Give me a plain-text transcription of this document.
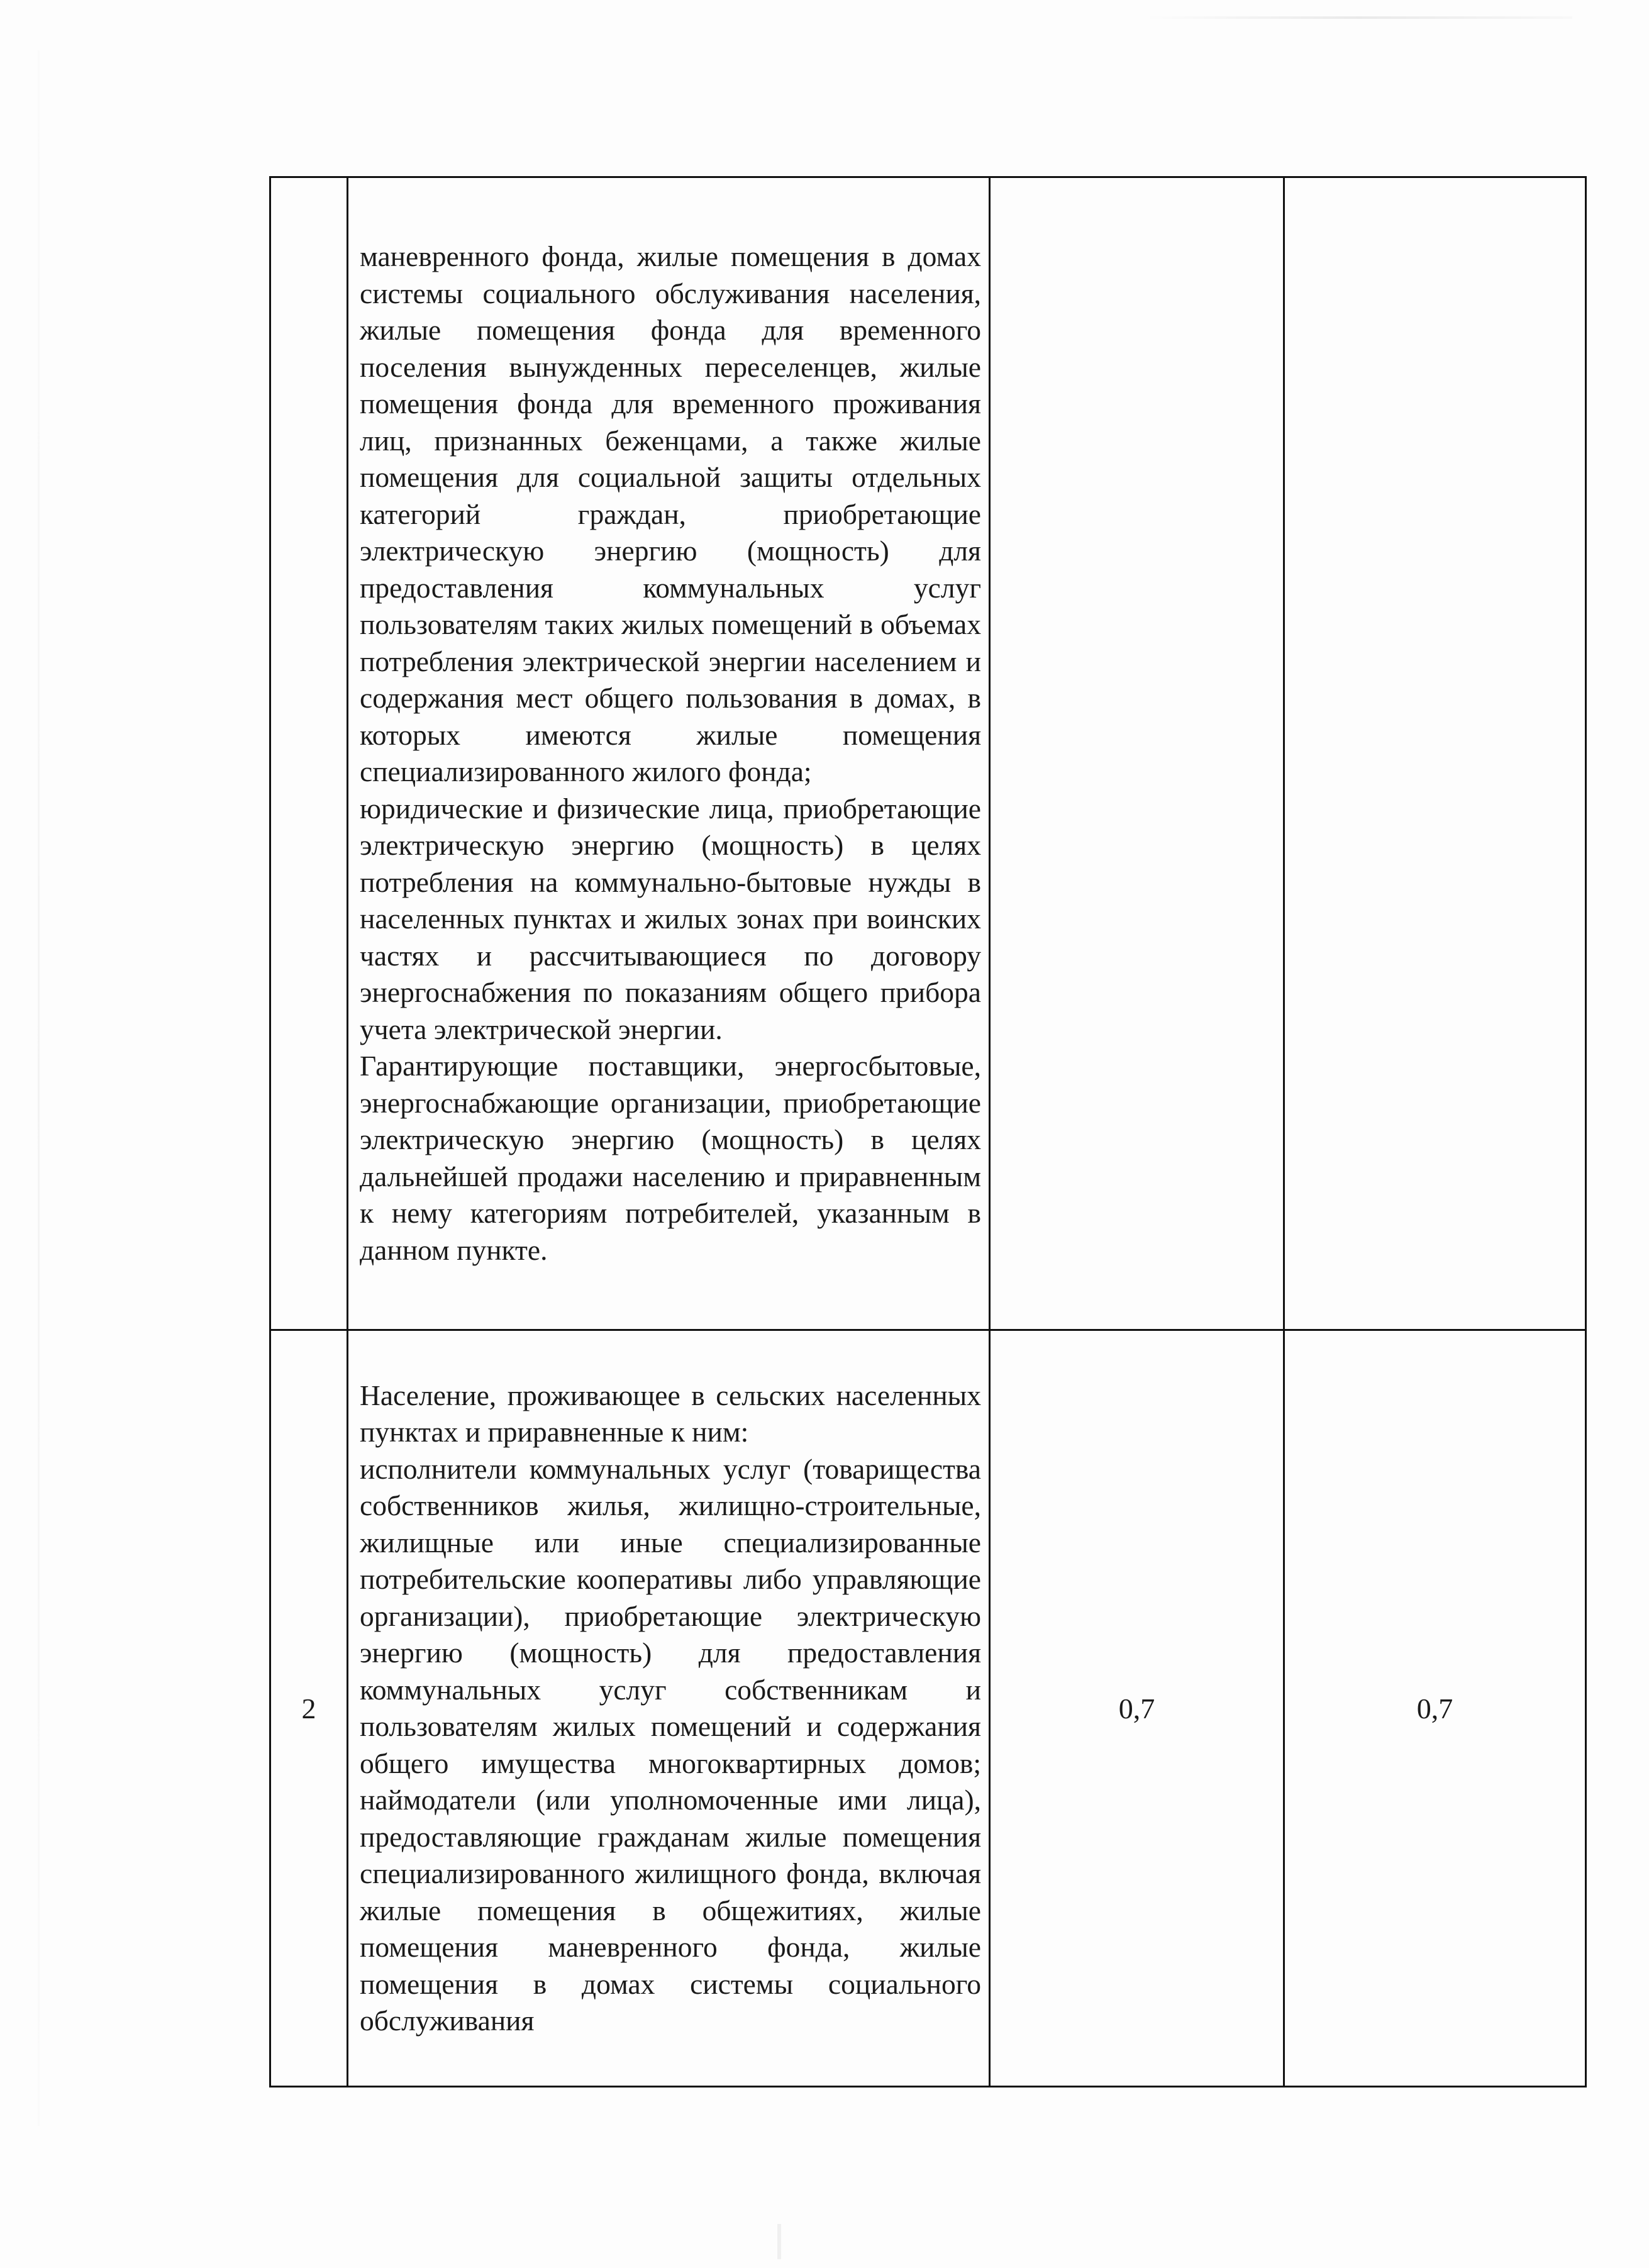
	маневренного фонда, жилые помещения в домах системы социального обслуживания населения, жилые помещения фонда для временного поселения вынужденных переселенцев, жилые помещения фонда для временного проживания лиц, признанных беженцами, а также жилые помещения для социальной защиты отдельных категорий граждан, приобретающие электрическую энергию (мощность) для предоставления коммунальных услуг пользователям таких жилых помещений в объемах потребления электрической энергии населением и содержания мест общего пользования в домах, в которых имеются жилые помещения специализированного жилого фонда;

юридические и физические лица, приобретающие электрическую энергию (мощность) в целях потребления на коммунально-бытовые нужды в населенных пунктах и жилых зонах при воинских частях и рассчитывающиеся по договору энергоснабжения по показаниям общего прибора учета электрической энергии.

Гарантирующие поставщики, энергосбытовые, энергоснабжающие организации, приобретающие электрическую энергию (мощность) в целях дальнейшей продажи населению и приравненным к нему категориям потребителей, указанным в данном пункте.		

2	Население, проживающее в сельских населенных пунктах и приравненные к ним:

исполнители коммунальных услуг (товарищества собственников жилья, жилищно-строительные, жилищные или иные специализированные потребительские кооперативы либо управляющие организации), приобретающие электрическую энергию (мощность) для предоставления коммунальных услуг собственникам и пользователям жилых помещений и содержания общего имущества многоквартирных домов; наймодатели (или уполномоченные ими лица), предоставляющие гражданам жилые помещения специализированного жилищного фонда, включая жилые помещения в общежитиях, жилые помещения маневренного фонда, жилые помещения в домах системы социального обслуживания	0,7	0,7
